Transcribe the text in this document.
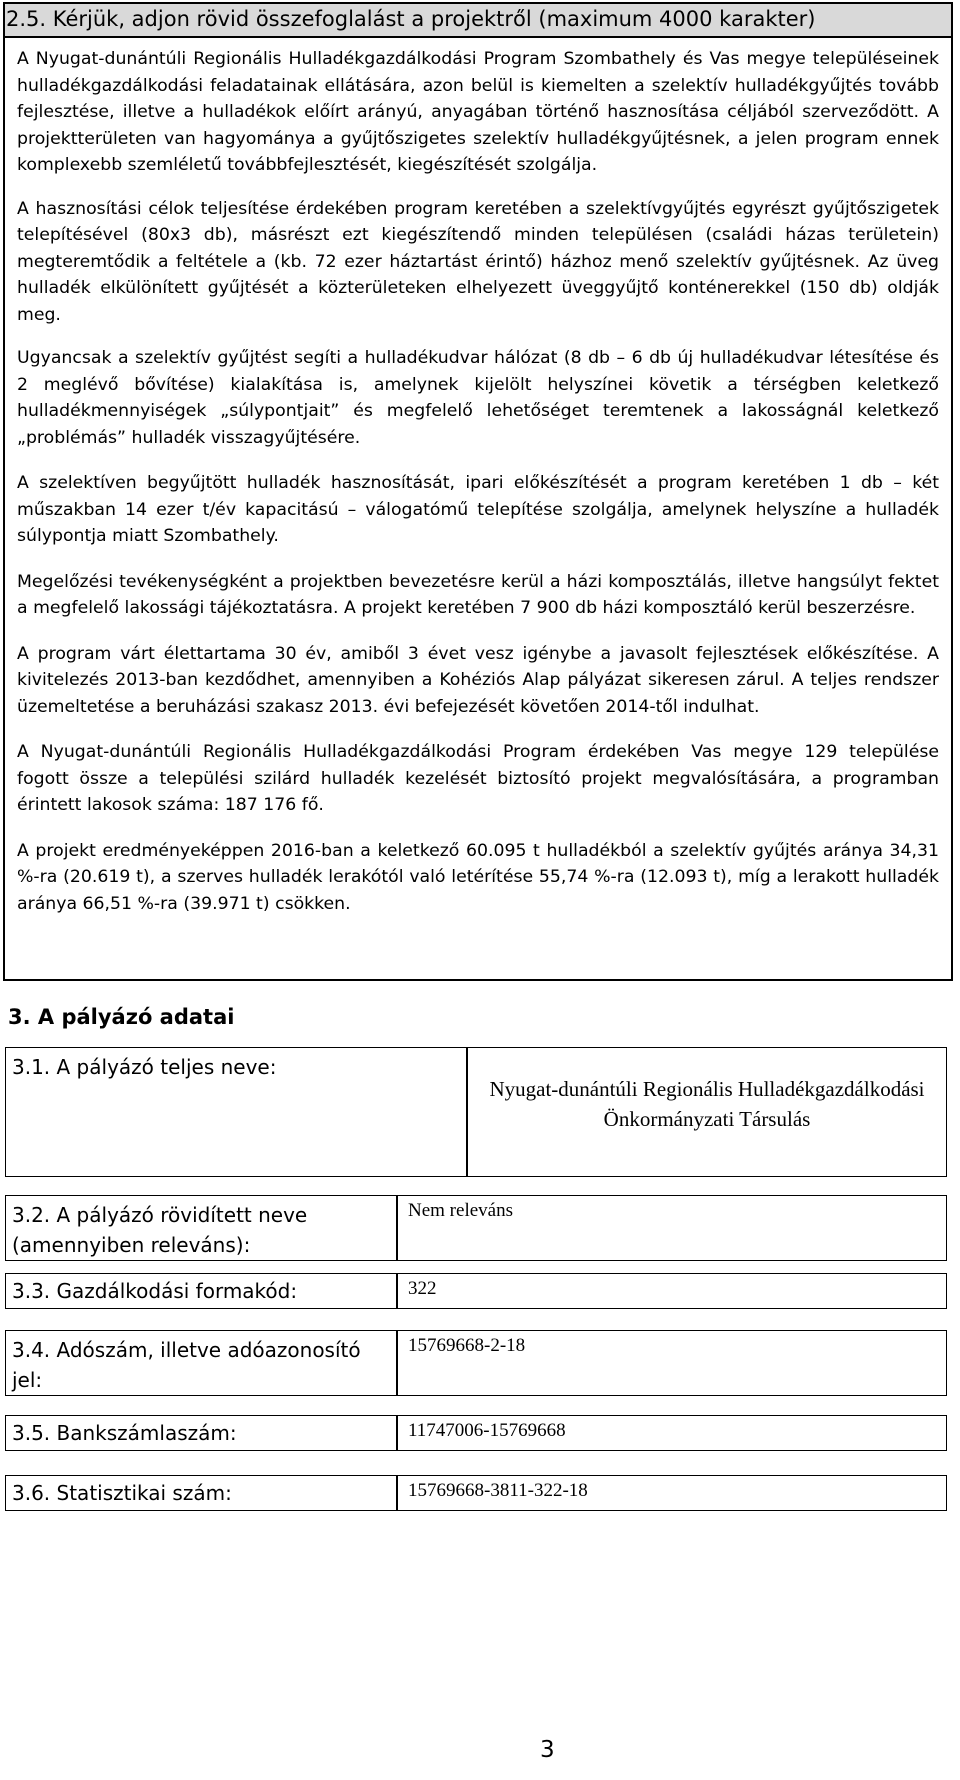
2.5. Kérjük, adjon rövid összefoglalást a projektről (maximum 4000 karakter)

A Nyugat-dunántúli Regionális Hulladékgazdálkodási Program Szombathely és Vas megye településeinek hulladékgazdálkodási feladatainak ellátására, azon belül is kiemelten a szelektív hulladékgyűjtés tovább fejlesztése, illetve a hulladékok előírt arányú, anyagában történő hasznosítása céljából szerveződött. A projektterületen van hagyománya a gyűjtőszigetes szelektív hulladékgyűjtésnek, a jelen program ennek komplexebb szemléletű továbbfejlesztését, kiegészítését szolgálja.

A hasznosítási célok teljesítése érdekében program keretében a szelektívgyűjtés egyrészt gyűjtőszigetek telepítésével (80x3 db), másrészt ezt kiegészítendő minden településen (családi házas területein) megteremtődik a feltétele a (kb. 72 ezer háztartást érintő) házhoz menő szelektív gyűjtésnek. Az üveg hulladék elkülönített gyűjtését a közterületeken elhelyezett üveggyűjtő konténerekkel (150 db) oldják meg.

Ugyancsak a szelektív gyűjtést segíti a hulladékudvar hálózat (8 db – 6 db új hulladékudvar létesítése és 2 meglévő bővítése) kialakítása is, amelynek kijelölt helyszínei követik a térségben keletkező hulladékmennyiségek „súlypontjait” és megfelelő lehetőséget teremtenek a lakosságnál keletkező „problémás” hulladék visszagyűjtésére.

A szelektíven begyűjtött hulladék hasznosítását, ipari előkészítését a program keretében 1 db – két műszakban 14 ezer t/év kapacitású – válogatómű telepítése szolgálja, amelynek helyszíne a hulladék súlypontja miatt Szombathely.

Megelőzési tevékenységként a projektben bevezetésre kerül a házi komposztálás, illetve hangsúlyt fektet a megfelelő lakossági tájékoztatásra. A projekt keretében 7 900 db házi komposztáló kerül beszerzésre.

A program várt élettartama 30 év, amiből 3 évet vesz igénybe a javasolt fejlesztések előkészítése. A kivitelezés 2013-ban kezdődhet, amennyiben a Kohéziós Alap pályázat sikeresen zárul. A teljes rendszer üzemeltetése a beruházási szakasz 2013. évi befejezését követően 2014-től indulhat.

A Nyugat-dunántúli Regionális Hulladékgazdálkodási Program érdekében Vas megye 129 települése fogott össze a települési szilárd hulladék kezelését biztosító projekt megvalósítására, a programban érintett lakosok száma: 187 176 fő.

A projekt eredményeképpen 2016-ban a keletkező 60.095 t hulladékból a szelektív gyűjtés aránya 34,31 %-ra (20.619 t), a szerves hulladék lerakótól való letérítése 55,74 %-ra (12.093 t), míg a lerakott hulladék aránya 66,51 %-ra (39.971 t) csökken.

3. A pályázó adatai
3.1. A pályázó teljes neve:
Nyugat-dunántúli Regionális Hulladékgazdálkodási Önkormányzati Társulás
3.2. A pályázó rövidített neve (amennyiben releváns):
Nem releváns
3.3. Gazdálkodási formakód:	322
3.4. Adószám, illetve adóazonosító jel:
15769668-2-18
3.5. Bankszámlaszám:	11747006-15769668
3.6. Statisztikai szám:	15769668-3811-322-18
3
